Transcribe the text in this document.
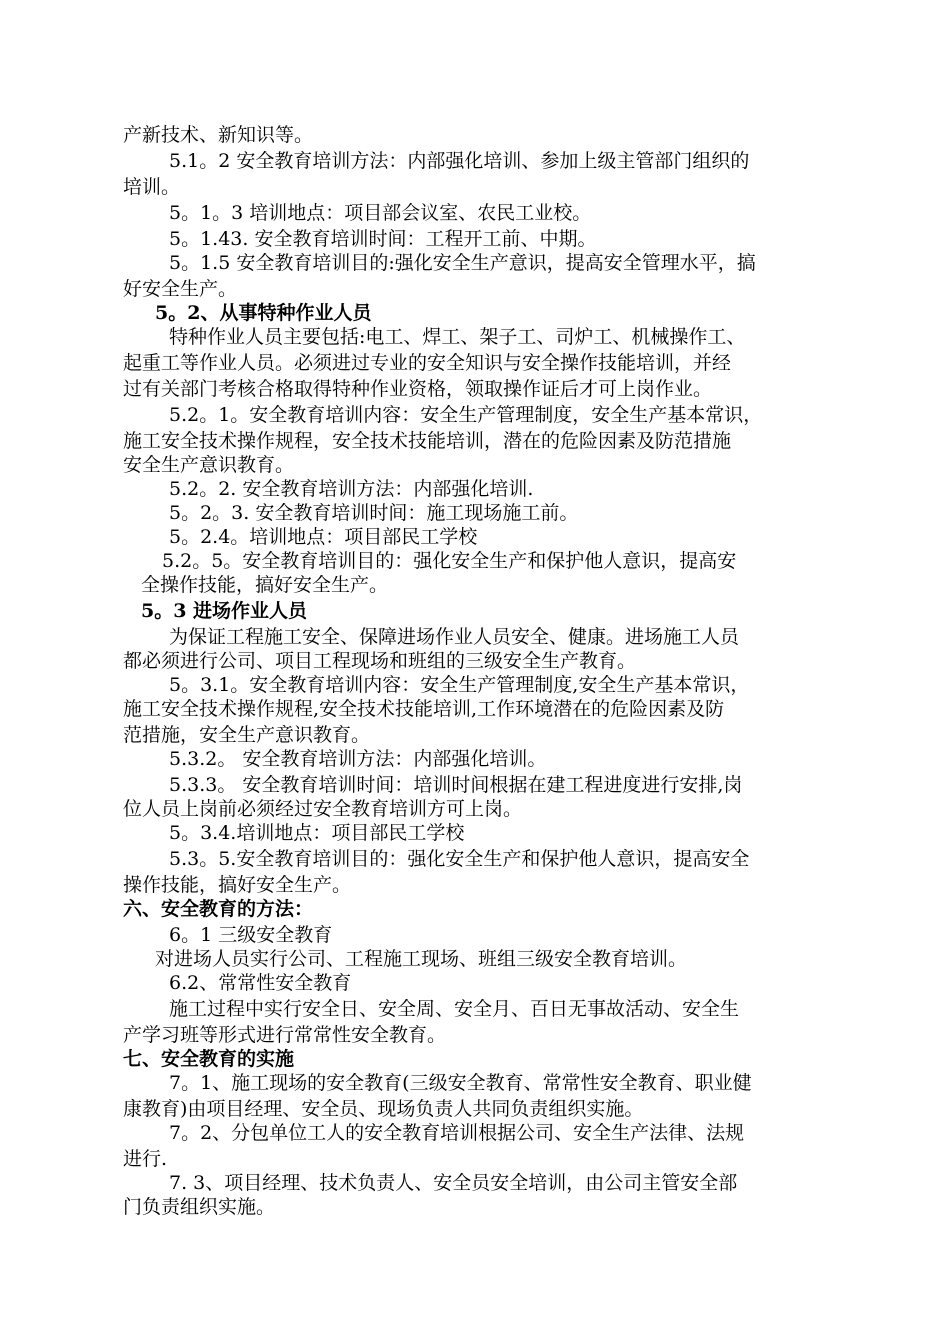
产新技术、新知识等。
5.1。2 安全教育培训方法：内部强化培训、参加上级主管部门组织的
培训。
5。1。3 培训地点：项目部会议室、农民工业校。
5。1.43. 安全教育培训时间：工程开工前、中期。
5。1.5 安全教育培训目的:强化安全生产意识，提高安全管理水平，搞
好安全生产。
5。2、从事特种作业人员
特种作业人员主要包括:电工、焊工、架子工、司炉工、机械操作工、
起重工等作业人员。必须进过专业的安全知识与安全操作技能培训，并经
过有关部门考核合格取得特种作业资格，领取操作证后才可上岗作业。
5.2。1。安全教育培训内容：安全生产管理制度，安全生产基本常识，
施工安全技术操作规程，安全技术技能培训，潜在的危险因素及防范措施
安全生产意识教育。
5.2。2. 安全教育培训方法：内部强化培训.
5。2。3. 安全教育培训时间：施工现场施工前。
5。2.4。培训地点：项目部民工学校
5.2。5。安全教育培训目的：强化安全生产和保护他人意识，提高安
全操作技能，搞好安全生产。
5。3 进场作业人员
为保证工程施工安全、保障进场作业人员安全、健康。进场施工人员
都必须进行公司、项目工程现场和班组的三级安全生产教育。
5。3.1。安全教育培训内容：安全生产管理制度,安全生产基本常识，
施工安全技术操作规程,安全技术技能培训,工作环境潜在的危险因素及防
范措施，安全生产意识教育。
5.3.2。 安全教育培训方法：内部强化培训。
5.3.3。 安全教育培训时间：培训时间根据在建工程进度进行安排,岗
位人员上岗前必须经过安全教育培训方可上岗。
5。3.4.培训地点：项目部民工学校
5.3。5.安全教育培训目的：强化安全生产和保护他人意识，提高安全
操作技能，搞好安全生产。
六、安全教育的方法：
6。1 三级安全教育
对进场人员实行公司、工程施工现场、班组三级安全教育培训。
6.2、常常性安全教育
施工过程中实行安全日、安全周、安全月、百日无事故活动、安全生
产学习班等形式进行常常性安全教育。
七、安全教育的实施
7。1、施工现场的安全教育(三级安全教育、常常性安全教育、职业健
康教育)由项目经理、安全员、现场负责人共同负责组织实施。
7。2、分包单位工人的安全教育培训根据公司、安全生产法律、法规
进行.
7. 3、项目经理、技术负责人、安全员安全培训，由公司主管安全部
门负责组织实施。
